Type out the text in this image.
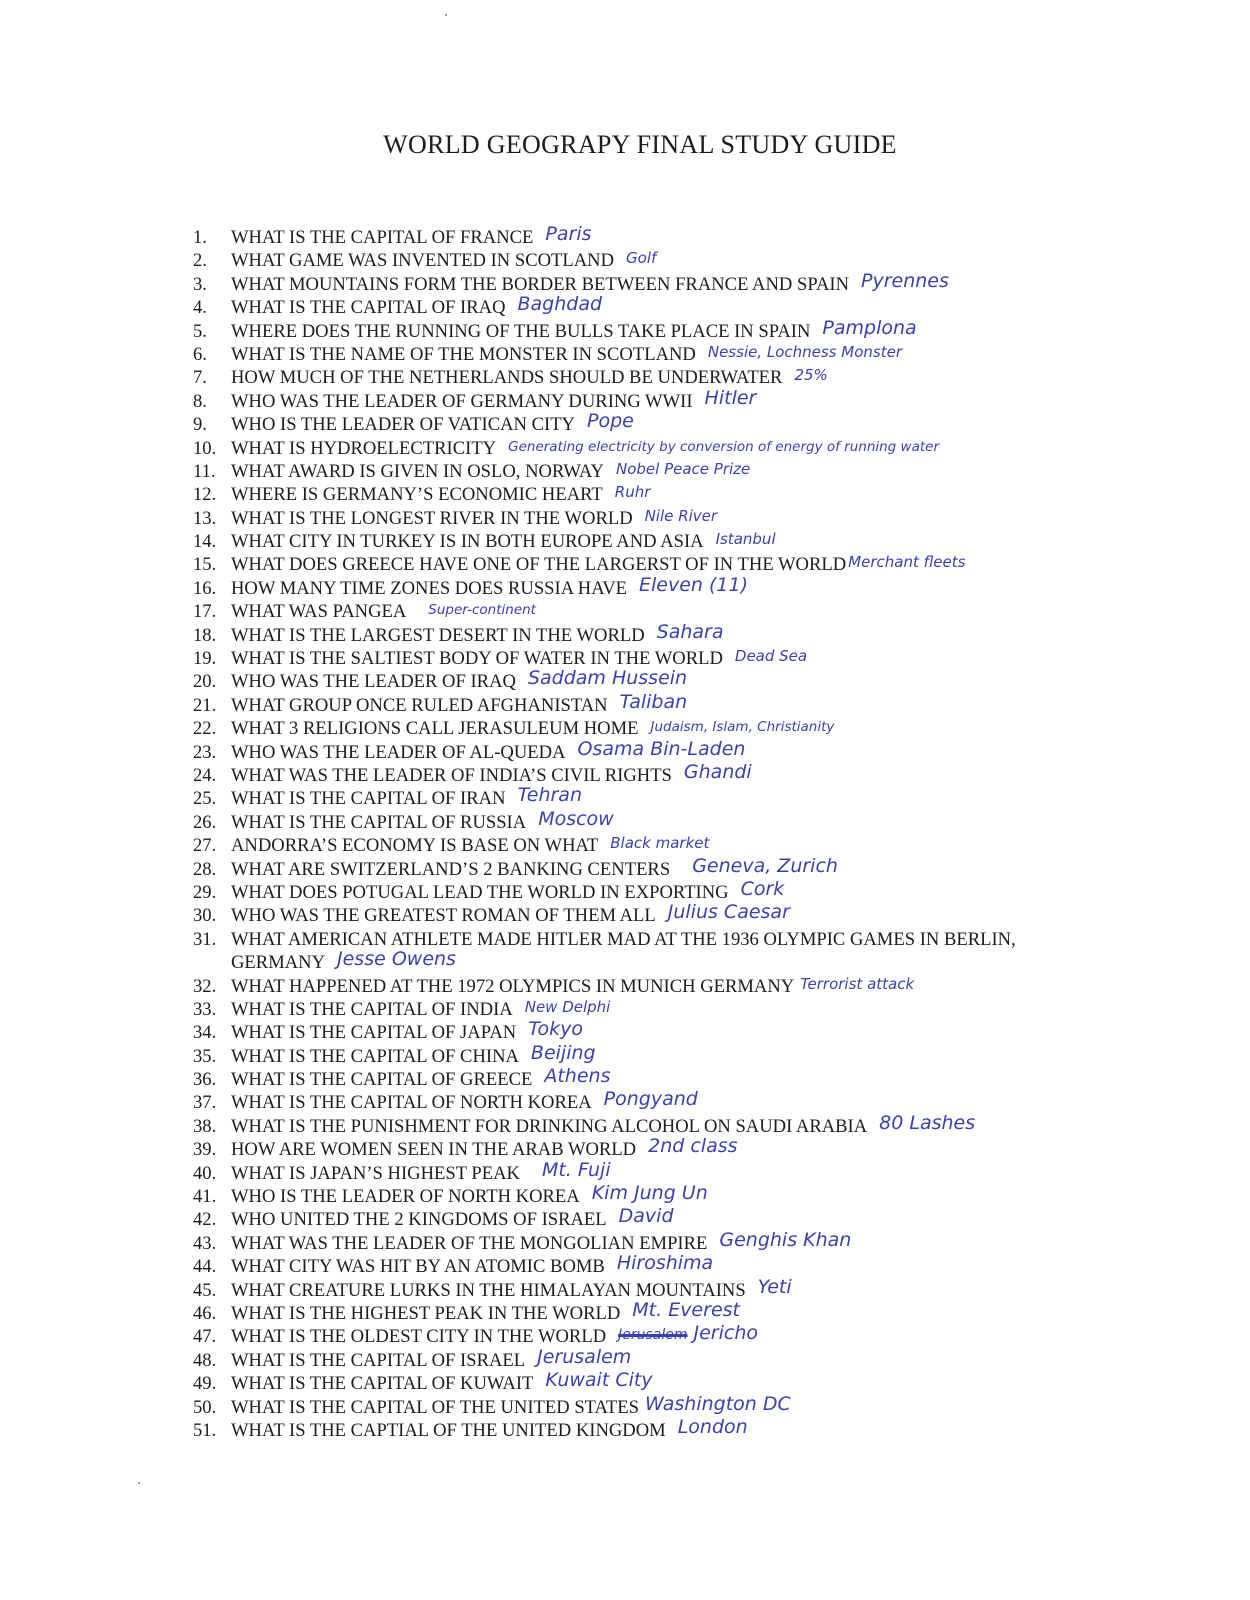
WORLD GEOGRAPY FINAL STUDY GUIDE
1.	WHAT IS THE CAPITAL OF FRANCE Paris
2.	WHAT GAME WAS INVENTED IN SCOTLAND Golf
3.	WHAT MOUNTAINS FORM THE BORDER BETWEEN FRANCE AND SPAIN Pyrennes
4.	WHAT IS THE CAPITAL OF IRAQ Baghdad
5.	WHERE DOES THE RUNNING OF THE BULLS TAKE PLACE IN SPAIN Pamplona
6.	WHAT IS THE NAME OF THE MONSTER IN SCOTLAND Nessie, Lochness Monster
7.	HOW MUCH OF THE NETHERLANDS SHOULD BE UNDERWATER 25%
8.	WHO WAS THE LEADER OF GERMANY DURING WWII Hitler
9.	WHO IS THE LEADER OF VATICAN CITY Pope
10. WHAT IS HYDROELECTRICITY Generating electricity by conversion of energy of running water
11. WHAT AWARD IS GIVEN IN OSLO, NORWAY Nobel Peace Prize
12. WHERE IS GERMANY’S ECONOMIC HEART Ruhr
13. WHAT IS THE LONGEST RIVER IN THE WORLD Nile River
14. WHAT CITY IN TURKEY IS IN BOTH EUROPE AND ASIA Istanbul
15. WHAT DOES GREECE HAVE ONE OF THE LARGERST OF IN THE WORLD Merchant fleets
16. HOW MANY TIME ZONES DOES RUSSIA HAVE Eleven (11)
17. WHAT WAS PANGEA Super-continent
18. WHAT IS THE LARGEST DESERT IN THE WORLD Sahara
19. WHAT IS THE SALTIEST BODY OF WATER IN THE WORLD Dead Sea
20. WHO WAS THE LEADER OF IRAQ Saddam Hussein
21. WHAT GROUP ONCE RULED AFGHANISTAN Taliban
22. WHAT 3 RELIGIONS CALL JERASULEUM HOME Judaism, Islam, Christianity
23. WHO WAS THE LEADER OF AL-QUEDA Osama Bin-Laden
24. WHAT WAS THE LEADER OF INDIA’S CIVIL RIGHTS Ghandi
25. WHAT IS THE CAPITAL OF IRAN Tehran
26. WHAT IS THE CAPITAL OF RUSSIA Moscow
27. ANDORRA’S ECONOMY IS BASE ON WHAT Black market
28. WHAT ARE SWITZERLAND’S 2 BANKING CENTERS Geneva, Zurich
29. WHAT DOES POTUGAL LEAD THE WORLD IN EXPORTING Cork
30. WHO WAS THE GREATEST ROMAN OF THEM ALL Julius Caesar
31. WHAT AMERICAN ATHLETE MADE HITLER MAD AT THE 1936 OLYMPIC GAMES IN BERLIN, GERMANY Jesse Owens
32. WHAT HAPPENED AT THE 1972 OLYMPICS IN MUNICH GERMANY Terrorist attack
33. WHAT IS THE CAPITAL OF INDIA New Delphi
34. WHAT IS THE CAPITAL OF JAPAN Tokyo
35. WHAT IS THE CAPITAL OF CHINA Beijing
36. WHAT IS THE CAPITAL OF GREECE Athens
37. WHAT IS THE CAPITAL OF NORTH KOREA Pongyand
38. WHAT IS THE PUNISHMENT FOR DRINKING ALCOHOL ON SAUDI ARABIA 80 Lashes
39. HOW ARE WOMEN SEEN IN THE ARAB WORLD 2nd class
40. WHAT IS JAPAN’S HIGHEST PEAK Mt. Fuji
41. WHO IS THE LEADER OF NORTH KOREA Kim Jung Un
42. WHO UNITED THE 2 KINGDOMS OF ISRAEL David
43. WHAT WAS THE LEADER OF THE MONGOLIAN EMPIRE Genghis Khan
44. WHAT CITY WAS HIT BY AN ATOMIC BOMB Hiroshima
45. WHAT CREATURE LURKS IN THE HIMALAYAN MOUNTAINS Yeti
46. WHAT IS THE HIGHEST PEAK IN THE WORLD Mt. Everest
47. WHAT IS THE OLDEST CITY IN THE WORLD Jerusalem Jericho
48. WHAT IS THE CAPITAL OF ISRAEL Jerusalem
49. WHAT IS THE CAPITAL OF KUWAIT Kuwait City
50. WHAT IS THE CAPITAL OF THE UNITED STATES Washington DC
51. WHAT IS THE CAPTIAL OF THE UNITED KINGDOM London
